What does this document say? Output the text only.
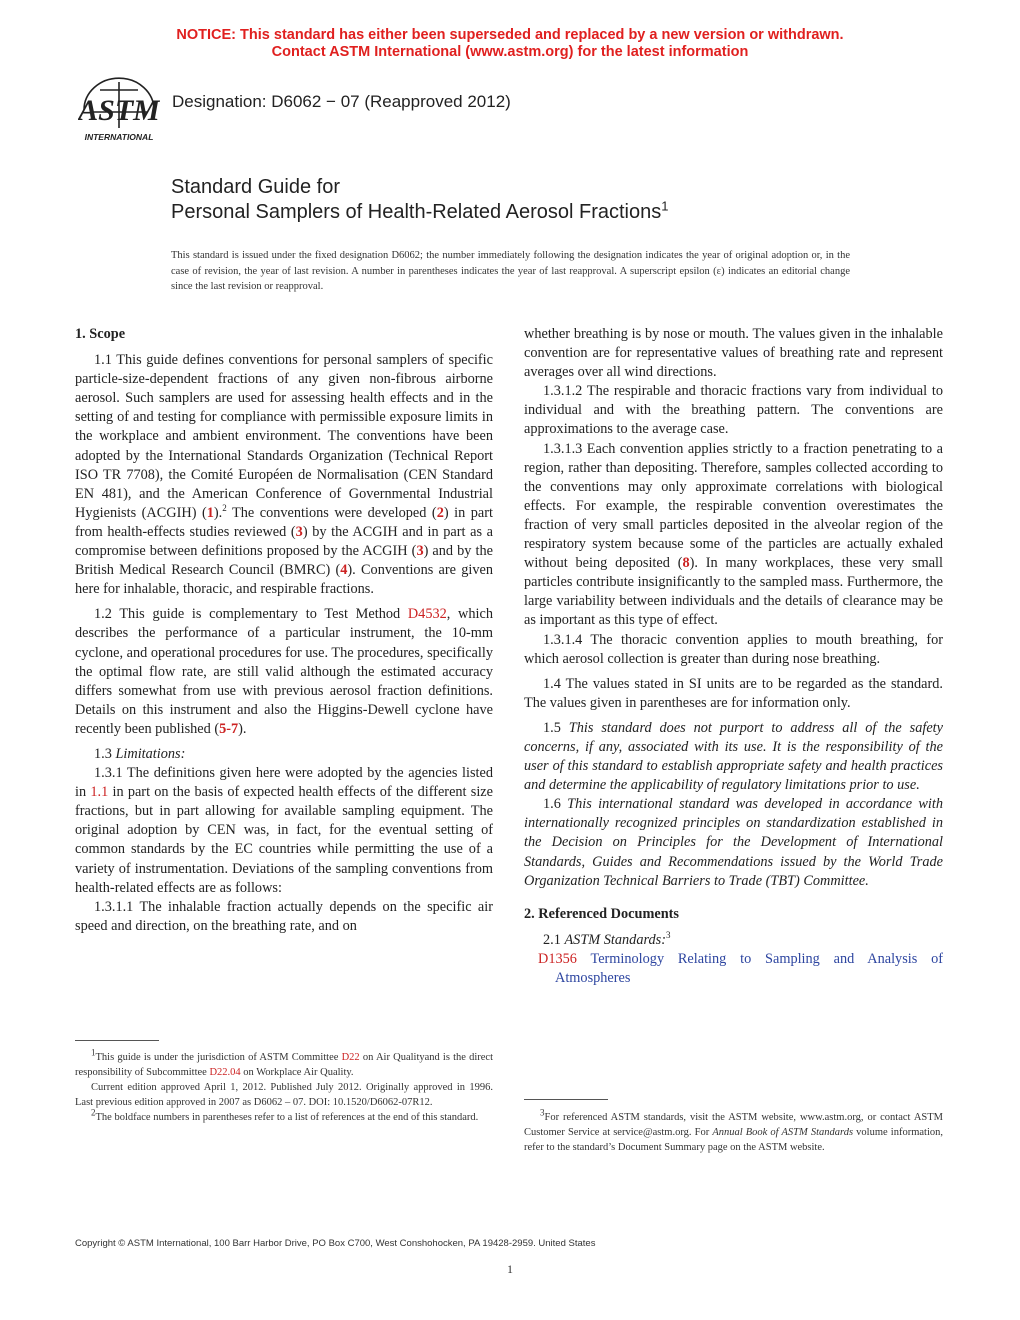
NOTICE: This standard has either been superseded and replaced by a new version or withdrawn.
Contact ASTM International (www.astm.org) for the latest information
ASTM
INTERNATIONAL
Designation: D6062 − 07 (Reapproved 2012)
Standard Guide for
Personal Samplers of Health-Related Aerosol Fractions$^1$
This standard is issued under the fixed designation D6062; the number immediately following the designation indicates the year of original adoption or, in the case of revision, the year of last revision. A number in parentheses indicates the year of last reapproval. A superscript epsilon (ε) indicates an editorial change since the last revision or reapproval.
1. Scope

1.1 This guide defines conventions for personal samplers of specific particle-size-dependent fractions of any given non-fibrous airborne aerosol. Such samplers are used for assessing health effects and in the setting of and testing for compliance with permissible exposure limits in the workplace and ambient environment. The conventions have been adopted by the International Standards Organization (Technical Report ISO TR 7708), the Comité Européen de Normalisation (CEN Standard EN 481), and the American Conference of Governmental Industrial Hygienists (ACGIH) (1).$^2$ The conventions were developed (2) in part from health-effects studies reviewed (3) by the ACGIH and in part as a compromise between definitions proposed by the ACGIH (3) and by the British Medical Research Council (BMRC) (4). Conventions are given here for inhalable, thoracic, and respirable fractions.

1.2 This guide is complementary to Test Method D4532, which describes the performance of a particular instrument, the 10-mm cyclone, and operational procedures for use. The procedures, specifically the optimal flow rate, are still valid although the estimated accuracy differs somewhat from use with previous aerosol fraction definitions. Details on this instrument and also the Higgins-Dewell cyclone have recently been published (5-7).

1.3 Limitations:

1.3.1 The definitions given here were adopted by the agencies listed in 1.1 in part on the basis of expected health effects of the different size fractions, but in part allowing for available sampling equipment. The original adoption by CEN was, in fact, for the eventual setting of common standards by the EC countries while permitting the use of a variety of instrumentation. Deviations of the sampling conventions from health-related effects are as follows:

1.3.1.1 The inhalable fraction actually depends on the specific air speed and direction, on the breathing rate, and on

whether breathing is by nose or mouth. The values given in the inhalable convention are for representative values of breathing rate and represent averages over all wind directions.

1.3.1.2 The respirable and thoracic fractions vary from individual to individual and with the breathing pattern. The conventions are approximations to the average case.

1.3.1.3 Each convention applies strictly to a fraction penetrating to a region, rather than depositing. Therefore, samples collected according to the conventions may only approximate correlations with biological effects. For example, the respirable convention overestimates the fraction of very small particles deposited in the alveolar region of the respiratory system because some of the particles are actually exhaled without being deposited (8). In many workplaces, these very small particles contribute insignificantly to the sampled mass. Furthermore, the large variability between individuals and the details of clearance may be as important as this type of effect.

1.3.1.4 The thoracic convention applies to mouth breathing, for which aerosol collection is greater than during nose breathing.

1.4 The values stated in SI units are to be regarded as the standard. The values given in parentheses are for information only.

1.5 This standard does not purport to address all of the safety concerns, if any, associated with its use. It is the responsibility of the user of this standard to establish appropriate safety and health practices and determine the applicability of regulatory limitations prior to use.

1.6 This international standard was developed in accordance with internationally recognized principles on standardization established in the Decision on Principles for the Development of International Standards, Guides and Recommendations issued by the World Trade Organization Technical Barriers to Trade (TBT) Committee.

2. Referenced Documents

2.1 ASTM Standards:$^3$

D1356 Terminology Relating to Sampling and Analysis of Atmospheres

$^1$This guide is under the jurisdiction of ASTM Committee D22 on Air Qualityand is the direct responsibility of Subcommittee D22.04 on Workplace Air Quality.

Current edition approved April 1, 2012. Published July 2012. Originally approved in 1996. Last previous edition approved in 2007 as D6062 – 07. DOI: 10.1520/D6062-07R12.

$^2$The boldface numbers in parentheses refer to a list of references at the end of this standard.	$^3$For referenced ASTM standards, visit the ASTM website, www.astm.org, or contact ASTM Customer Service at service@astm.org. For Annual Book of ASTM Standards volume information, refer to the standard’s Document Summary page on the ASTM website.

Copyright © ASTM International, 100 Barr Harbor Drive, PO Box C700, West Conshohocken, PA 19428-2959. United States
1
